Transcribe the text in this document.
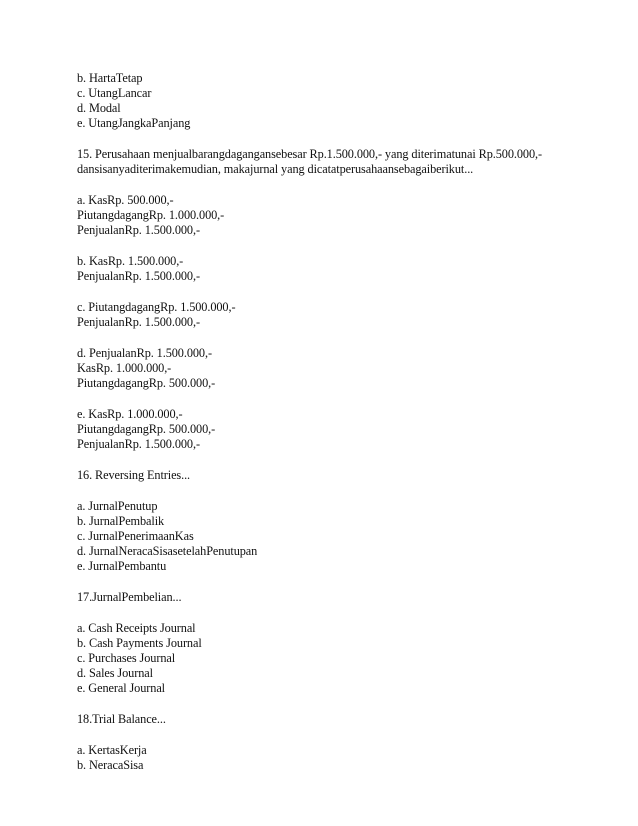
b. HartaTetap
c. UtangLancar
d. Modal
e. UtangJangkaPanjang
15. Perusahaan menjualbarangdagangansebesar Rp.1.500.000,- yang diterimatunai Rp.500.000,-
dansisanyaditerimakemudian, makajurnal yang dicatatperusahaansebagaiberikut...
a. KasRp. 500.000,-
PiutangdagangRp. 1.000.000,-
PenjualanRp. 1.500.000,-
b. KasRp. 1.500.000,-
PenjualanRp. 1.500.000,-
c. PiutangdagangRp. 1.500.000,-
PenjualanRp. 1.500.000,-
d. PenjualanRp. 1.500.000,-
KasRp. 1.000.000,-
PiutangdagangRp. 500.000,-
e. KasRp. 1.000.000,-
PiutangdagangRp. 500.000,-
PenjualanRp. 1.500.000,-
16. Reversing Entries...
a. JurnalPenutup
b. JurnalPembalik
c. JurnalPenerimaanKas
d. JurnalNeracaSisasetelahPenutupan
e. JurnalPembantu
17.JurnalPembelian...
a. Cash Receipts Journal
b. Cash Payments Journal
c. Purchases Journal
d. Sales Journal
e. General Journal
18.Trial Balance...
a. KertasKerja
b. NeracaSisa
